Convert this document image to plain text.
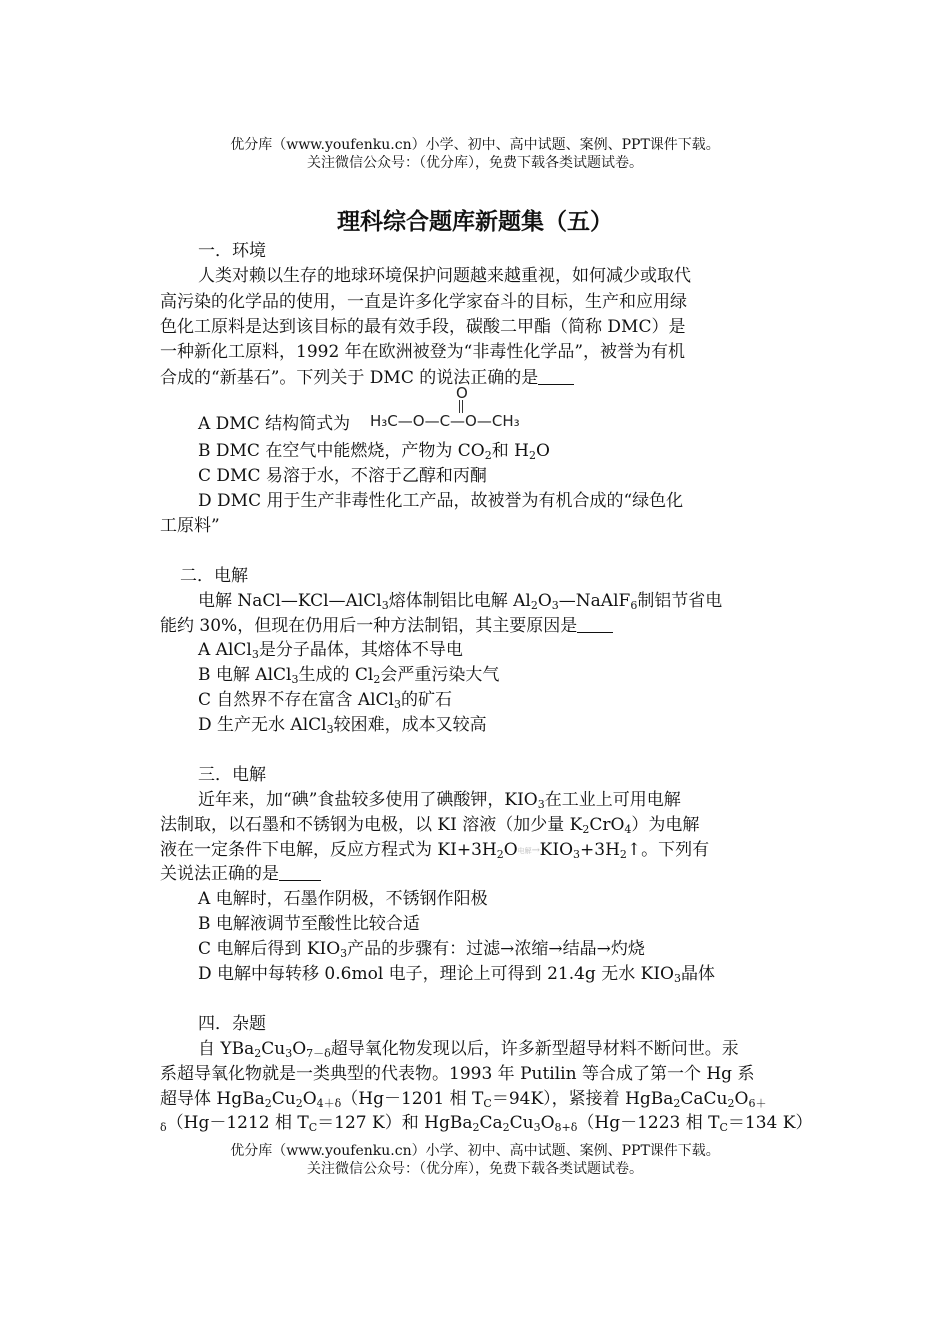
优分库（www.youfenku.cn）小学、初中、高中试题、案例、PPT课件下载。
关注微信公众号：（优分库），免费下载各类试题试卷。
理科综合题库新题集（五）
一．环境
人类对赖以生存的地球环境保护问题越来越重视，如何减少或取代
高污染的化学品的使用，一直是许多化学家奋斗的目标，生产和应用绿
色化工原料是达到该目标的最有效手段，碳酸二甲酯（简称 DMC）是
一种新化工原料，1992 年在欧洲被登为“非毒性化学品”，被誉为有机
合成的“新基石”。下列关于 DMC 的说法正确的是
A DMC 结构简式为
O
H₃C—O—C—O—CH₃
B DMC 在空气中能燃烧，产物为 $CO_2$和 $H_2O$
C DMC 易溶于水，不溶于乙醇和丙酮
D DMC 用于生产非毒性化工产品，故被誉为有机合成的“绿色化
工原料”
二．电解
电解 NaCl—KCl—AlCl$_3$熔体制铝比电解 $Al_2O_3—NaAlF_6$制铝节省电
能约 30%，但现在仍用后一种方法制铝，其主要原因是
A AlCl$_3$是分子晶体，其熔体不导电
B 电解 AlCl$_3$生成的 $Cl_2$会严重污染大气
C 自然界不存在富含 AlCl$_3$的矿石
D 生产无水 AlCl$_3$较困难，成本又较高
三．电解
近年来，加“碘”食盐较多使用了碘酸钾，$KIO_3$在工业上可用电解
法制取，以石墨和不锈钢为电极，以 KI 溶液（加少量 $K_2CrO_4$）为电解
液在一定条件下电解，反应方程式为 $KI+3H_2O$电解$\to KIO_3+3H_2↑$。下列有
关说法正确的是
A 电解时，石墨作阴极，不锈钢作阳极
B 电解液调节至酸性比较合适
C 电解后得到 $KIO_3$产品的步骤有：过滤→浓缩→结晶→灼烧
D 电解中每转移 0.6mol 电子，理论上可得到 21.4g 无水 $KIO_3$晶体
四．杂题
自 $YBa_2Cu_3O_{7-\delta}$超导氧化物发现以后，许多新型超导材料不断问世。汞
系超导氧化物就是一类典型的代表物。1993 年 Putilin 等合成了第一个 Hg 系
超导体 $HgBa_2Cu_2O_{4+\delta}(Hg-1201$ 相 $T_C=94K$），紧接着 $HgBa_2CaCu_2O_{6+}$
$_\delta$（Hg－1212 相 $T_C=127$ K）和 $HgBa_2Ca_2Cu_3O_{8+\delta}(Hg-1223$ 相 $T_C=134$ K）
优分库（www.youfenku.cn）小学、初中、高中试题、案例、PPT课件下载。
关注微信公众号：（优分库），免费下载各类试题试卷。
